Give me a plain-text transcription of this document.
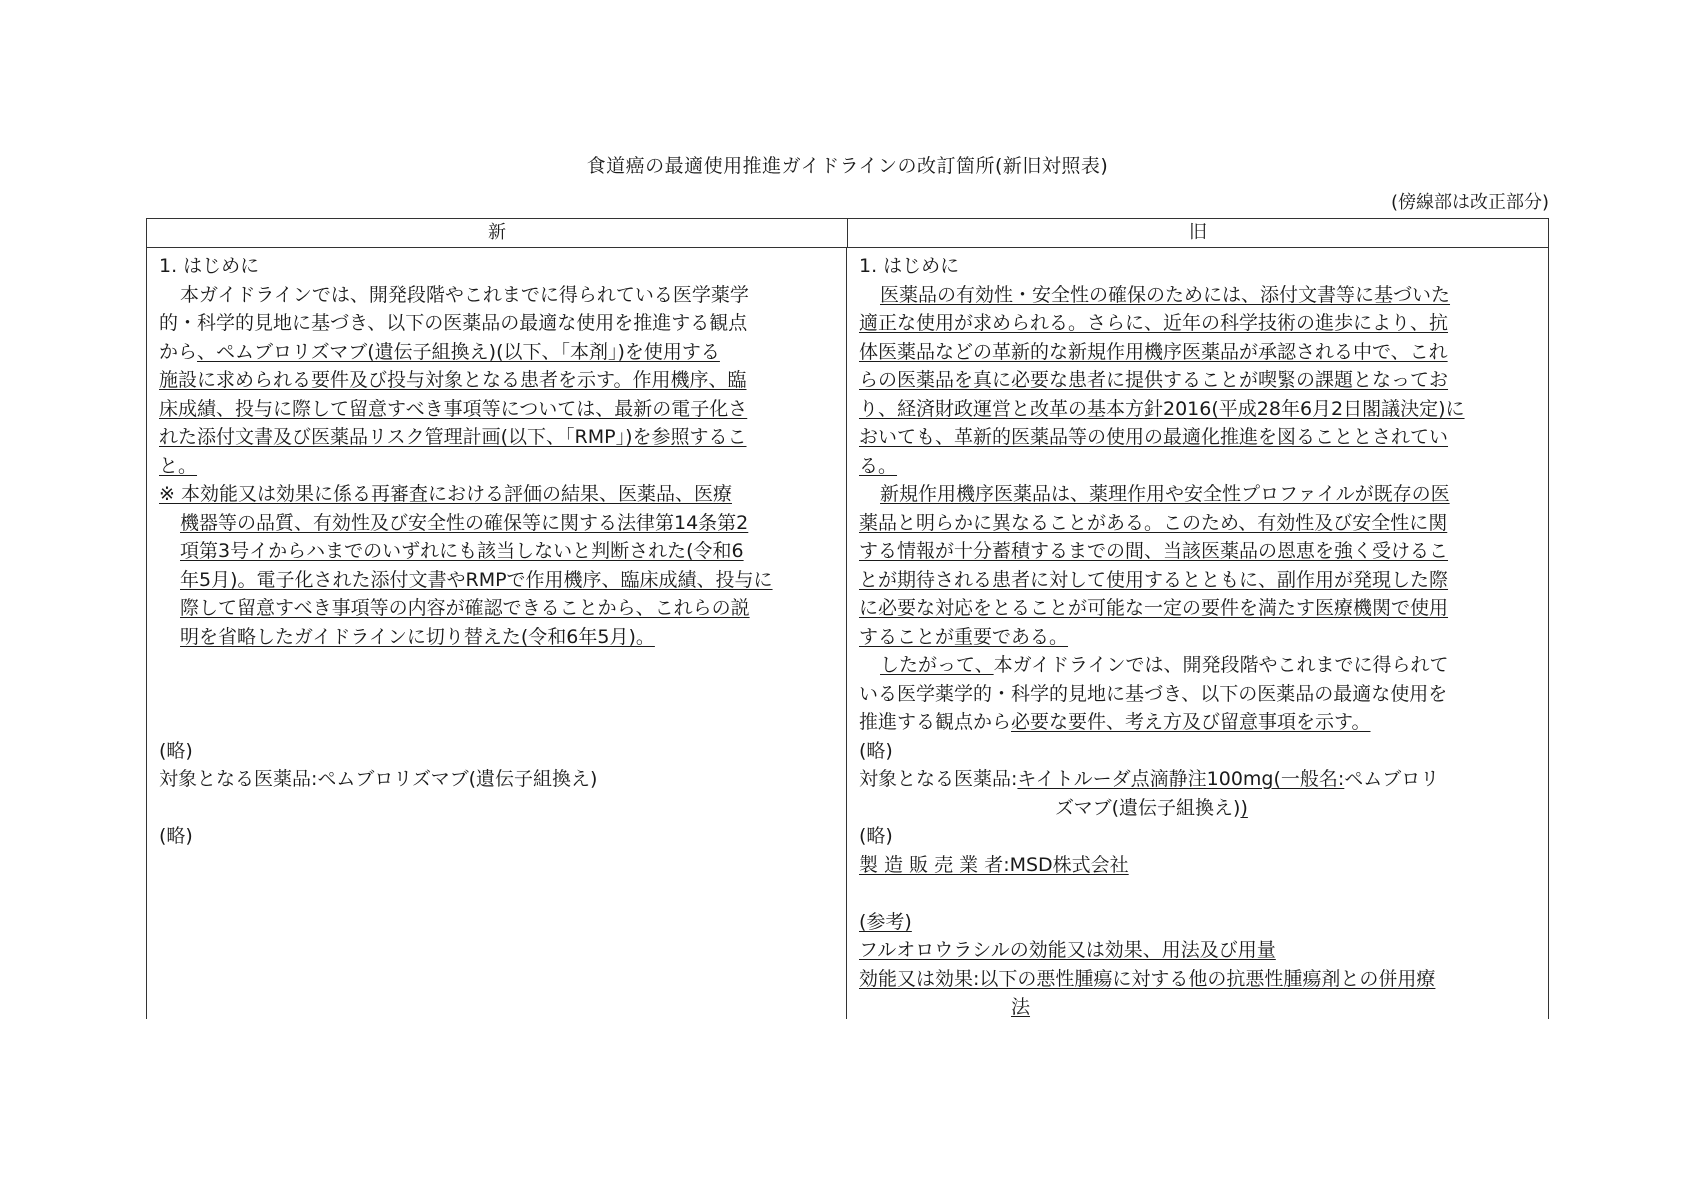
食道癌の最適使用推進ガイドラインの改訂箇所(新旧対照表)
(傍線部は改正部分)
新	旧
1. はじめに
本ガイドラインでは、開発段階やこれまでに得られている医学薬学
的・科学的見地に基づき、以下の医薬品の最適な使用を推進する観点
から、ペムブロリズマブ(遺伝子組換え)(以下、「本剤」)を使用する
施設に求められる要件及び投与対象となる患者を示す。作用機序、臨
床成績、投与に際して留意すべき事項等については、最新の電子化さ
れた添付文書及び医薬品リスク管理計画(以下、「RMP」)を参照するこ
と。
※ 本効能又は効果に係る再審査における評価の結果、医薬品、医療
機器等の品質、有効性及び安全性の確保等に関する法律第14条第2
項第3号イからハまでのいずれにも該当しないと判断された(令和6
年5月)。電子化された添付文書やRMPで作用機序、臨床成績、投与に
際して留意すべき事項等の内容が確認できることから、これらの説
明を省略したガイドラインに切り替えた(令和6年5月)。
(略)
対象となる医薬品:ペムブロリズマブ(遺伝子組換え)
(略)
1. はじめに
医薬品の有効性・安全性の確保のためには、添付文書等に基づいた
適正な使用が求められる。さらに、近年の科学技術の進歩により、抗
体医薬品などの革新的な新規作用機序医薬品が承認される中で、これ
らの医薬品を真に必要な患者に提供することが喫緊の課題となってお
り、経済財政運営と改革の基本方針2016(平成28年6月2日閣議決定)に
おいても、革新的医薬品等の使用の最適化推進を図ることとされてい
る。
新規作用機序医薬品は、薬理作用や安全性プロファイルが既存の医
薬品と明らかに異なることがある。このため、有効性及び安全性に関
する情報が十分蓄積するまでの間、当該医薬品の恩恵を強く受けるこ
とが期待される患者に対して使用するとともに、副作用が発現した際
に必要な対応をとることが可能な一定の要件を満たす医療機関で使用
することが重要である。
したがって、本ガイドラインでは、開発段階やこれまでに得られて
いる医学薬学的・科学的見地に基づき、以下の医薬品の最適な使用を
推進する観点から必要な要件、考え方及び留意事項を示す。
(略)
対象となる医薬品:キイトルーダ点滴静注100mg(一般名:ペムブロリ
ズマブ(遺伝子組換え))
(略)
製 造 販 売 業 者:MSD株式会社
(参考)
フルオロウラシルの効能又は効果、用法及び用量
効能又は効果:以下の悪性腫瘍に対する他の抗悪性腫瘍剤との併用療
法
